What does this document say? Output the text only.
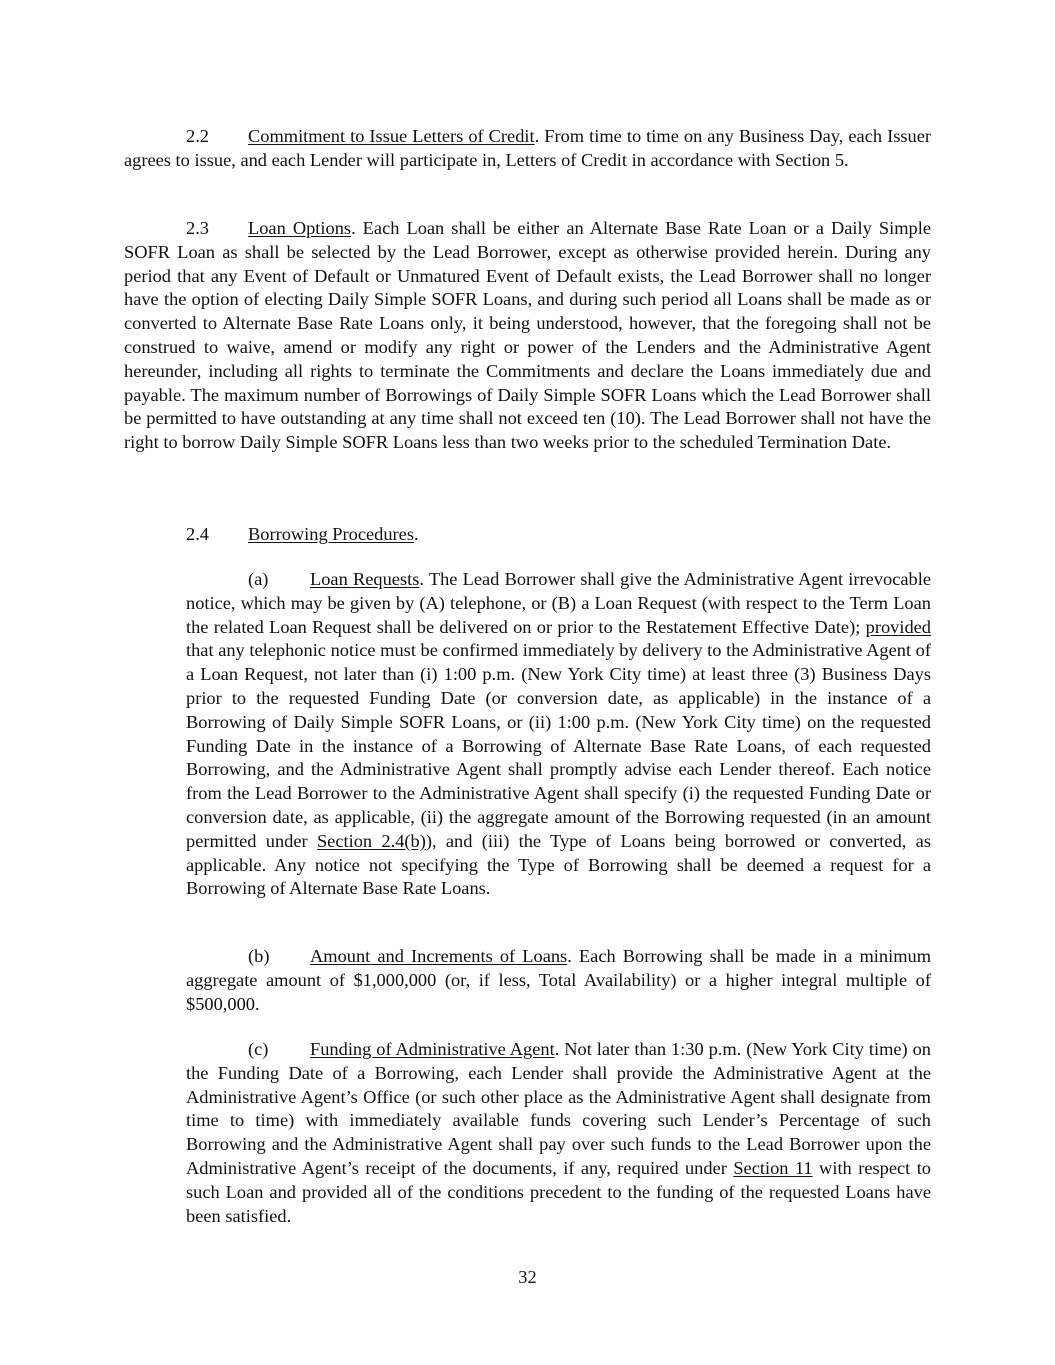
2.2 Commitment to Issue Letters of Credit. From time to time on any Business Day, each Issuer agrees to issue, and each Lender will participate in, Letters of Credit in accordance with Section 5.

2.3 Loan Options. Each Loan shall be either an Alternate Base Rate Loan or a Daily Simple SOFR Loan as shall be selected by the Lead Borrower, except as otherwise provided herein. During any period that any Event of Default or Unmatured Event of Default exists, the Lead Borrower shall no longer have the option of electing Daily Simple SOFR Loans, and during such period all Loans shall be made as or converted to Alternate Base Rate Loans only, it being understood, however, that the foregoing shall not be construed to waive, amend or modify any right or power of the Lenders and the Administrative Agent hereunder, including all rights to terminate the Commitments and declare the Loans immediately due and payable. The maximum number of Borrowings of Daily Simple SOFR Loans which the Lead Borrower shall be permitted to have outstanding at any time shall not exceed ten (10). The Lead Borrower shall not have the right to borrow Daily Simple SOFR Loans less than two weeks prior to the scheduled Termination Date.

2.4 Borrowing Procedures.

(a) Loan Requests. The Lead Borrower shall give the Administrative Agent irrevocable notice, which may be given by (A) telephone, or (B) a Loan Request (with respect to the Term Loan the related Loan Request shall be delivered on or prior to the Restatement Effective Date); provided that any telephonic notice must be confirmed immediately by delivery to the Administrative Agent of a Loan Request, not later than (i) 1:00 p.m. (New York City time) at least three (3) Business Days prior to the requested Funding Date (or conversion date, as applicable) in the instance of a Borrowing of Daily Simple SOFR Loans, or (ii) 1:00 p.m. (New York City time) on the requested Funding Date in the instance of a Borrowing of Alternate Base Rate Loans, of each requested Borrowing, and the Administrative Agent shall promptly advise each Lender thereof. Each notice from the Lead Borrower to the Administrative Agent shall specify (i) the requested Funding Date or conversion date, as applicable, (ii) the aggregate amount of the Borrowing requested (in an amount permitted under Section 2.4(b)), and (iii) the Type of Loans being borrowed or converted, as applicable. Any notice not specifying the Type of Borrowing shall be deemed a request for a Borrowing of Alternate Base Rate Loans.

(b) Amount and Increments of Loans. Each Borrowing shall be made in a minimum aggregate amount of $1,000,000 (or, if less, Total Availability) or a higher integral multiple of $500,000.

(c) Funding of Administrative Agent. Not later than 1:30 p.m. (New York City time) on the Funding Date of a Borrowing, each Lender shall provide the Administrative Agent at the Administrative Agent’s Office (or such other place as the Administrative Agent shall designate from time to time) with immediately available funds covering such Lender’s Percentage of such Borrowing and the Administrative Agent shall pay over such funds to the Lead Borrower upon the Administrative Agent’s receipt of the documents, if any, required under Section 11 with respect to such Loan and provided all of the conditions precedent to the funding of the requested Loans have been satisfied.

32
